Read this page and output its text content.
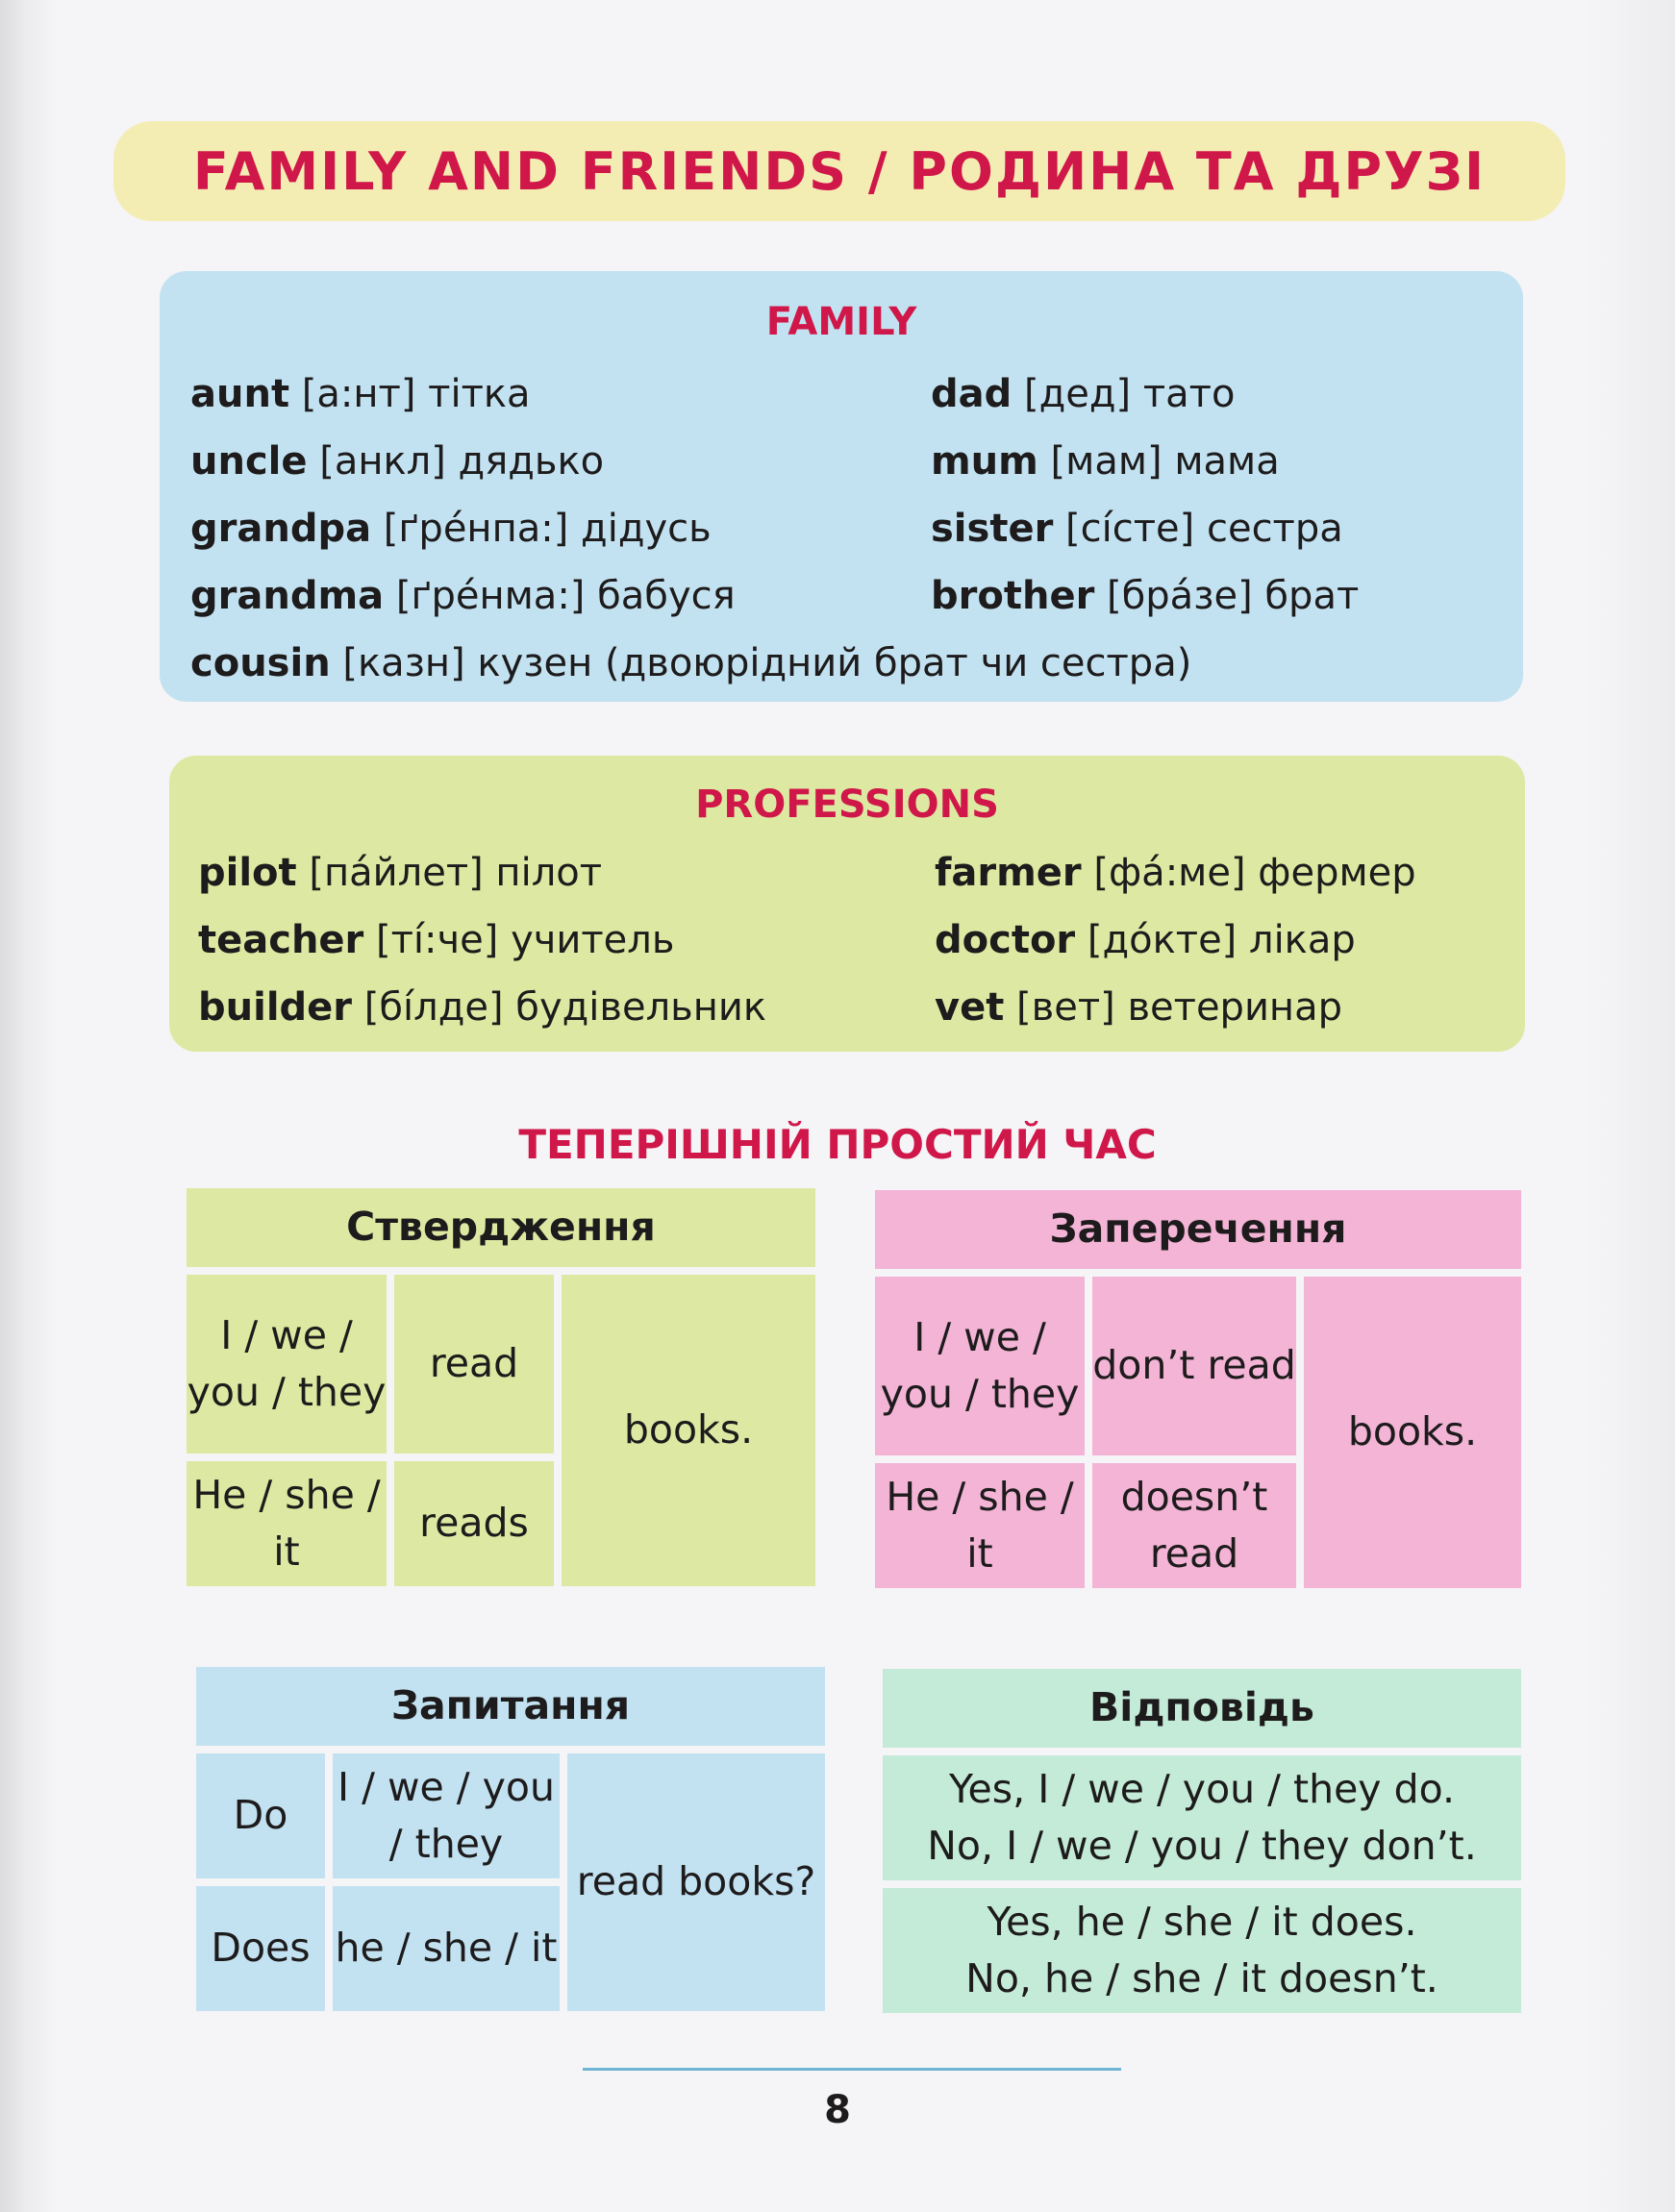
FAMILY AND FRIENDS / РОДИНА ТА ДРУЗІ
FAMILY
aunt [а:нт] тітка
uncle [анкл] дядько
grandpa [ґре́нпа:] дідусь
grandma [ґре́нма:] бабуся
dad [дед] тато
mum [мам] мама
sister [сі́сте] сестра
brother [бра́зе] брат
cousin [казн] кузен (двоюрідний брат чи сестра)
PROFESSIONS
pilot [па́йлет] пілот
teacher [ті́:че] учитель
builder [бі́лде] будівельник
farmer [фа́:ме] фермер
doctor [до́кте] лікар
vet [вет] ветеринар
ТЕПЕРІШНІЙ ПРОСТИЙ ЧАС
Ствердження		
I / we / you / they	read	books.
He / she / it	reads	
Заперечення		
I / we / you / they	don’t read	books.
He / she / it	doesn’t read	
Запитання		
Do	I / we / you / they	read books?
Does	he / she / it	
Відповідь

Yes, I / we / you / they do.
No, I / we / you / they don’t.

Yes, he / she / it does.
No, he / she / it doesn’t.
8
